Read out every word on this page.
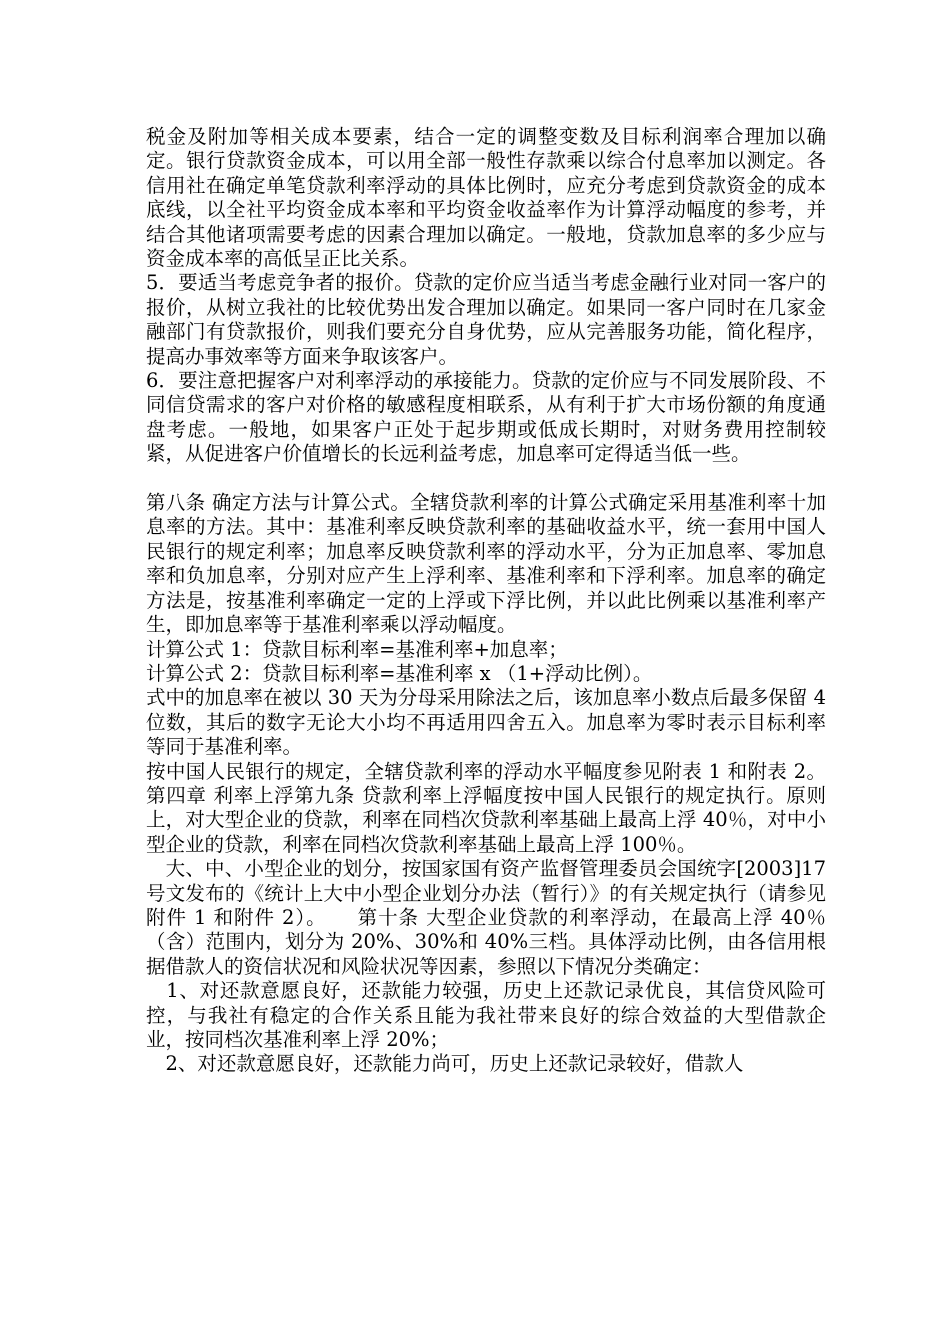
税金及附加等相关成本要素，结合一定的调整变数及目标利润率合理加以确定。银行贷款资金成本，可以用全部一般性存款乘以综合付息率加以测定。各信用社在确定单笔贷款利率浮动的具体比例时，应充分考虑到贷款资金的成本底线，以全社平均资金成本率和平均资金收益率作为计算浮动幅度的参考，并结合其他诸项需要考虑的因素合理加以确定。一般地，贷款加息率的多少应与资金成本率的高低呈正比关系。

5．要适当考虑竞争者的报价。贷款的定价应当适当考虑金融行业对同一客户的报价，从树立我社的比较优势出发合理加以确定。如果同一客户同时在几家金融部门有贷款报价，则我们要充分自身优势，应从完善服务功能，简化程序，提高办事效率等方面来争取该客户。

6．要注意把握客户对利率浮动的承接能力。贷款的定价应与不同发展阶段、不同信贷需求的客户对价格的敏感程度相联系，从有利于扩大市场份额的角度通盘考虑。一般地，如果客户正处于起步期或低成长期时，对财务费用控制较紧，从促进客户价值增长的长远利益考虑，加息率可定得适当低一些。

第八条 确定方法与计算公式。全辖贷款利率的计算公式确定采用基准利率十加息率的方法。其中：基准利率反映贷款利率的基础收益水平，统一套用中国人民银行的规定利率；加息率反映贷款利率的浮动水平，分为正加息率、零加息率和负加息率，分别对应产生上浮利率、基准利率和下浮利率。加息率的确定方法是，按基准利率确定一定的上浮或下浮比例，并以此比例乘以基准利率产生，即加息率等于基准利率乘以浮动幅度。

计算公式 1：贷款目标利率=基准利率+加息率；

计算公式 2：贷款目标利率=基准利率 x （1+浮动比例）。

式中的加息率在被以 30 天为分母采用除法之后，该加息率小数点后最多保留 4 位数，其后的数字无论大小均不再适用四舍五入。加息率为零时表示目标利率等同于基准利率。

按中国人民银行的规定，全辖贷款利率的浮动水平幅度参见附表 1 和附表 2。第四章 利率上浮第九条 贷款利率上浮幅度按中国人民银行的规定执行。原则上，对大型企业的贷款，利率在同档次贷款利率基础上最高上浮 40％，对中小型企业的贷款，利率在同档次贷款利率基础上最高上浮 100％。

　大、中、小型企业的划分，按国家国有资产监督管理委员会国统字[2003]17 号文发布的《统计上大中小型企业划分办法（暂行）》的有关规定执行（请参见附件 1 和附件 2）。　　第十条 大型企业贷款的利率浮动，在最高上浮 40％（含）范围内，划分为 20%、30%和 40%三档。具体浮动比例，由各信用根据借款人的资信状况和风险状况等因素，参照以下情况分类确定：

　1、对还款意愿良好，还款能力较强，历史上还款记录优良，其信贷风险可控，与我社有稳定的合作关系且能为我社带来良好的综合效益的大型借款企业，按同档次基准利率上浮 20%；

　2、对还款意愿良好，还款能力尚可，历史上还款记录较好，借款人
